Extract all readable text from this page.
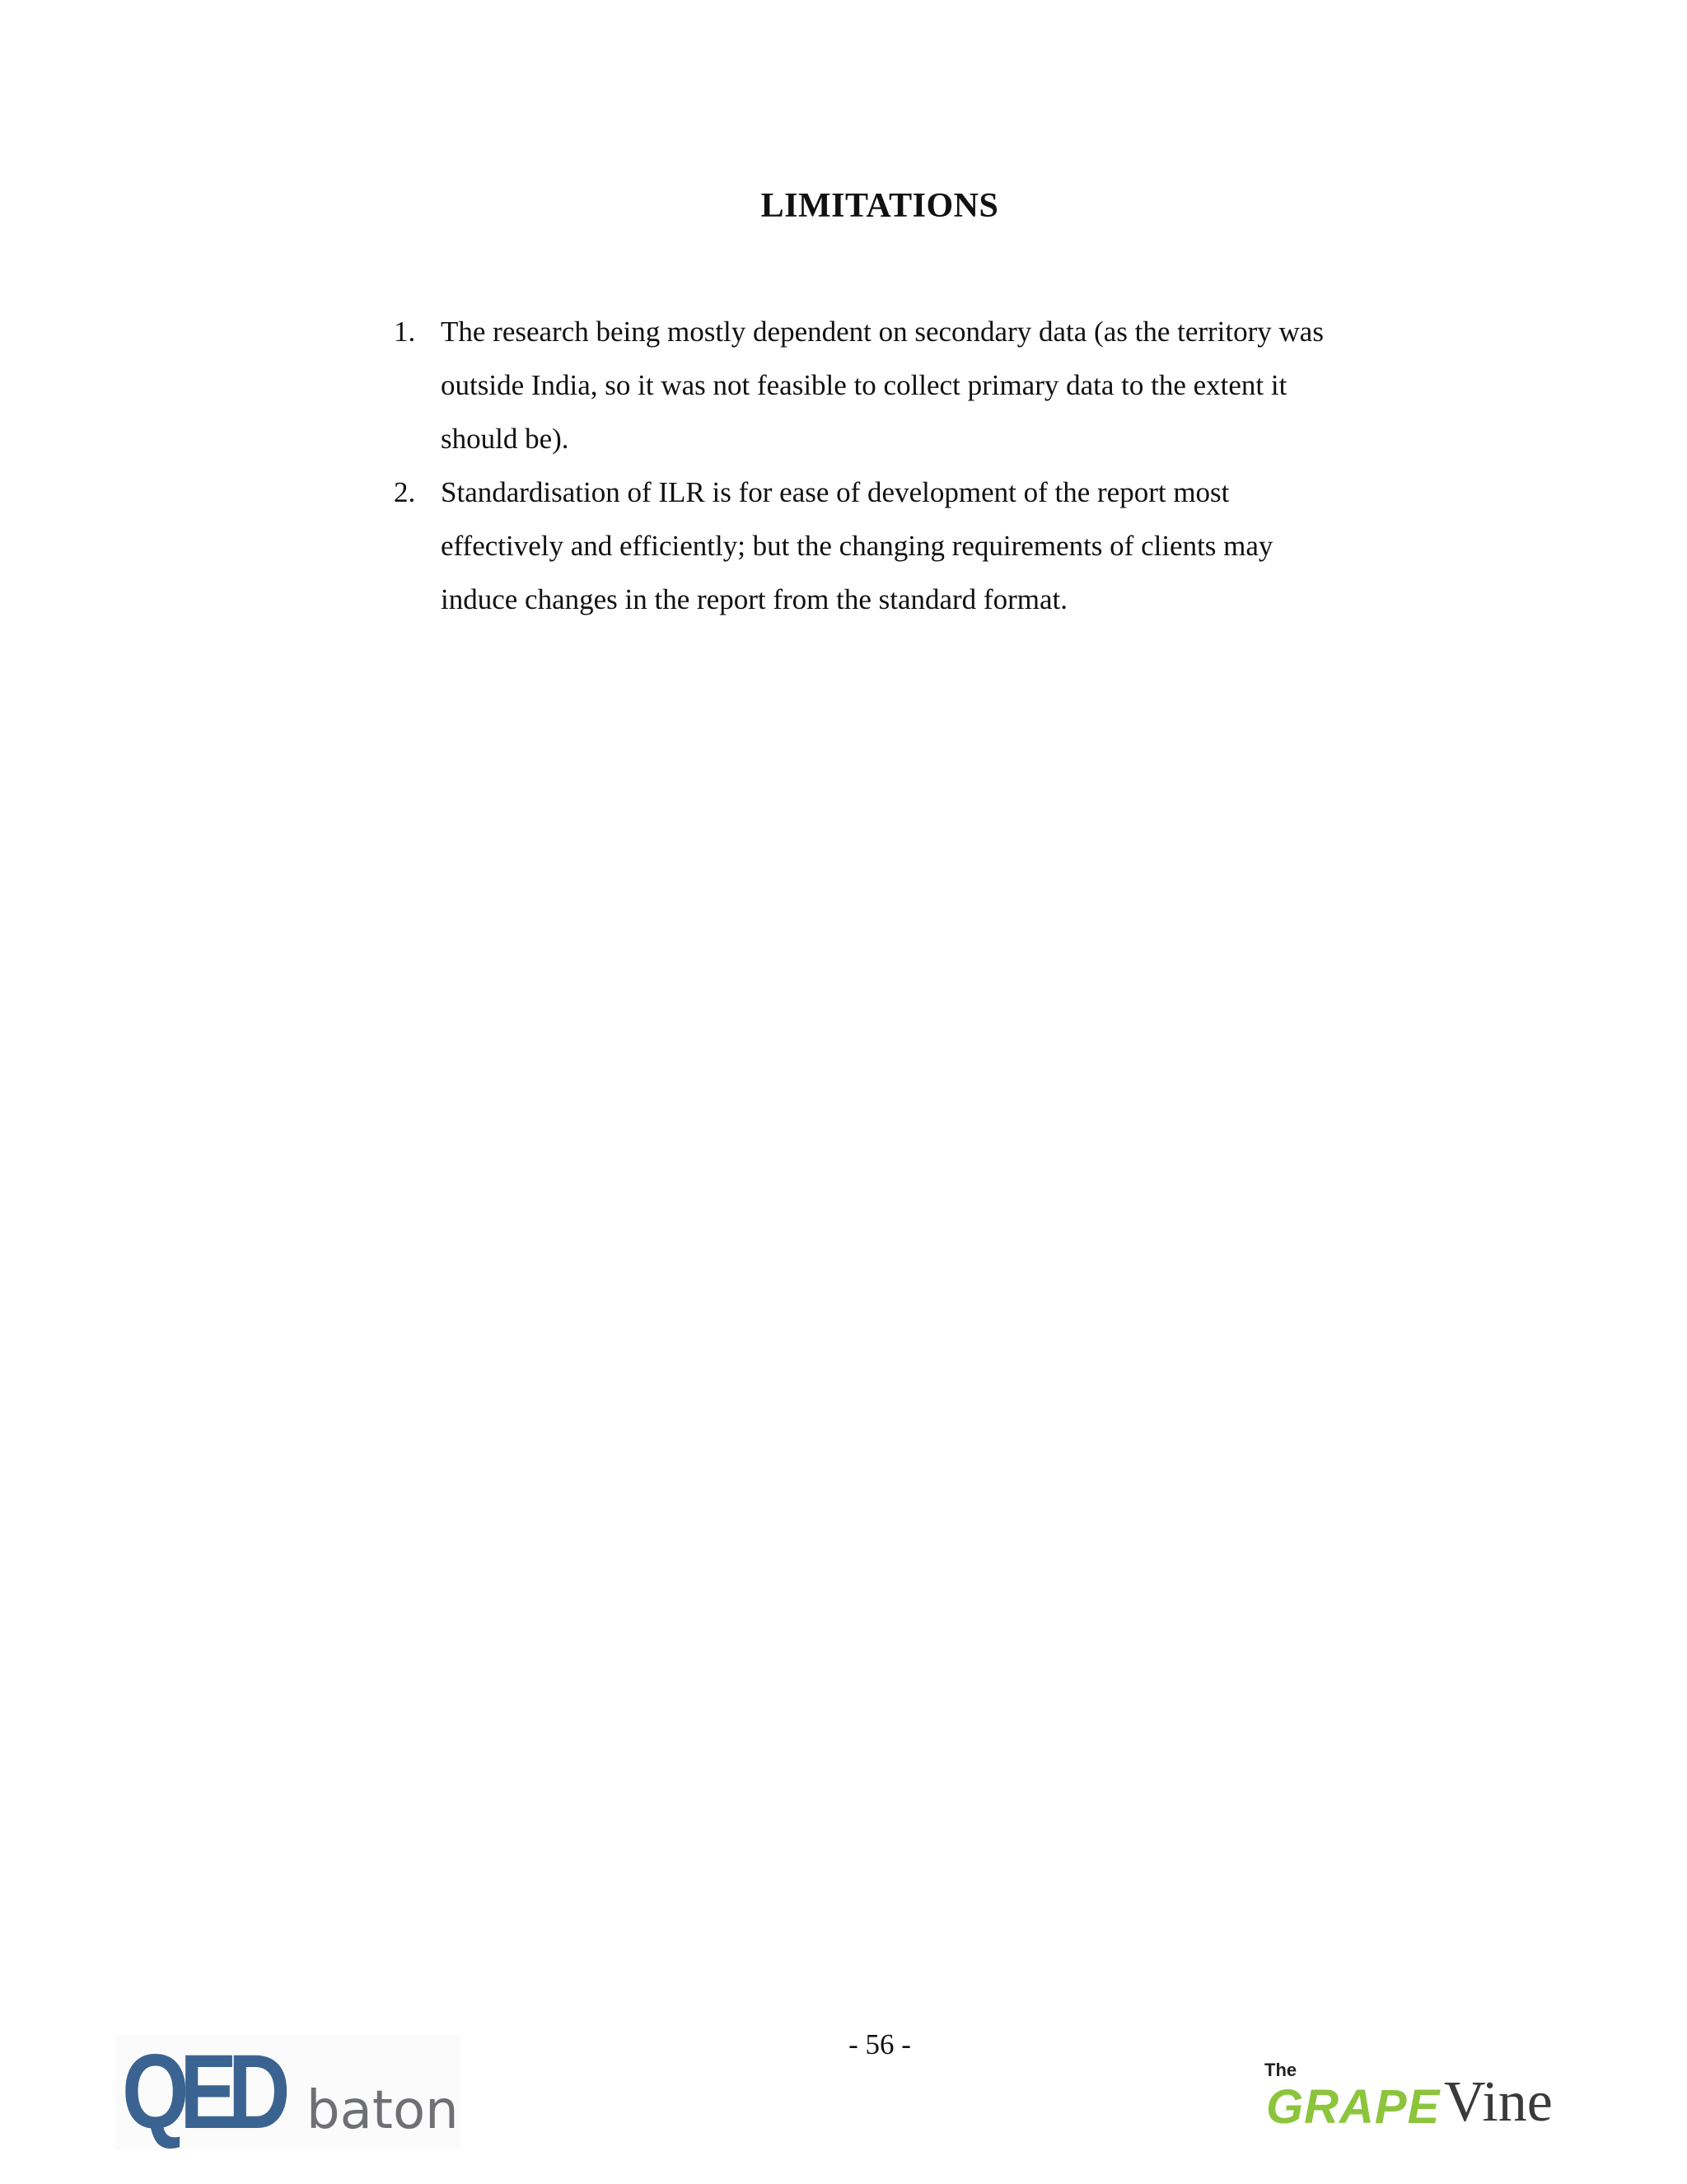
LIMITATIONS
1. The research being mostly dependent on secondary data (as the territory was
outside India, so it was not feasible to collect primary data to the extent it
should be).
2. Standardisation of ILR is for ease of development of the report most
effectively and efficiently; but the changing requirements of clients may
induce changes in the report from the standard format.
- 56 -
QED baton
The
GRAPE Vine
